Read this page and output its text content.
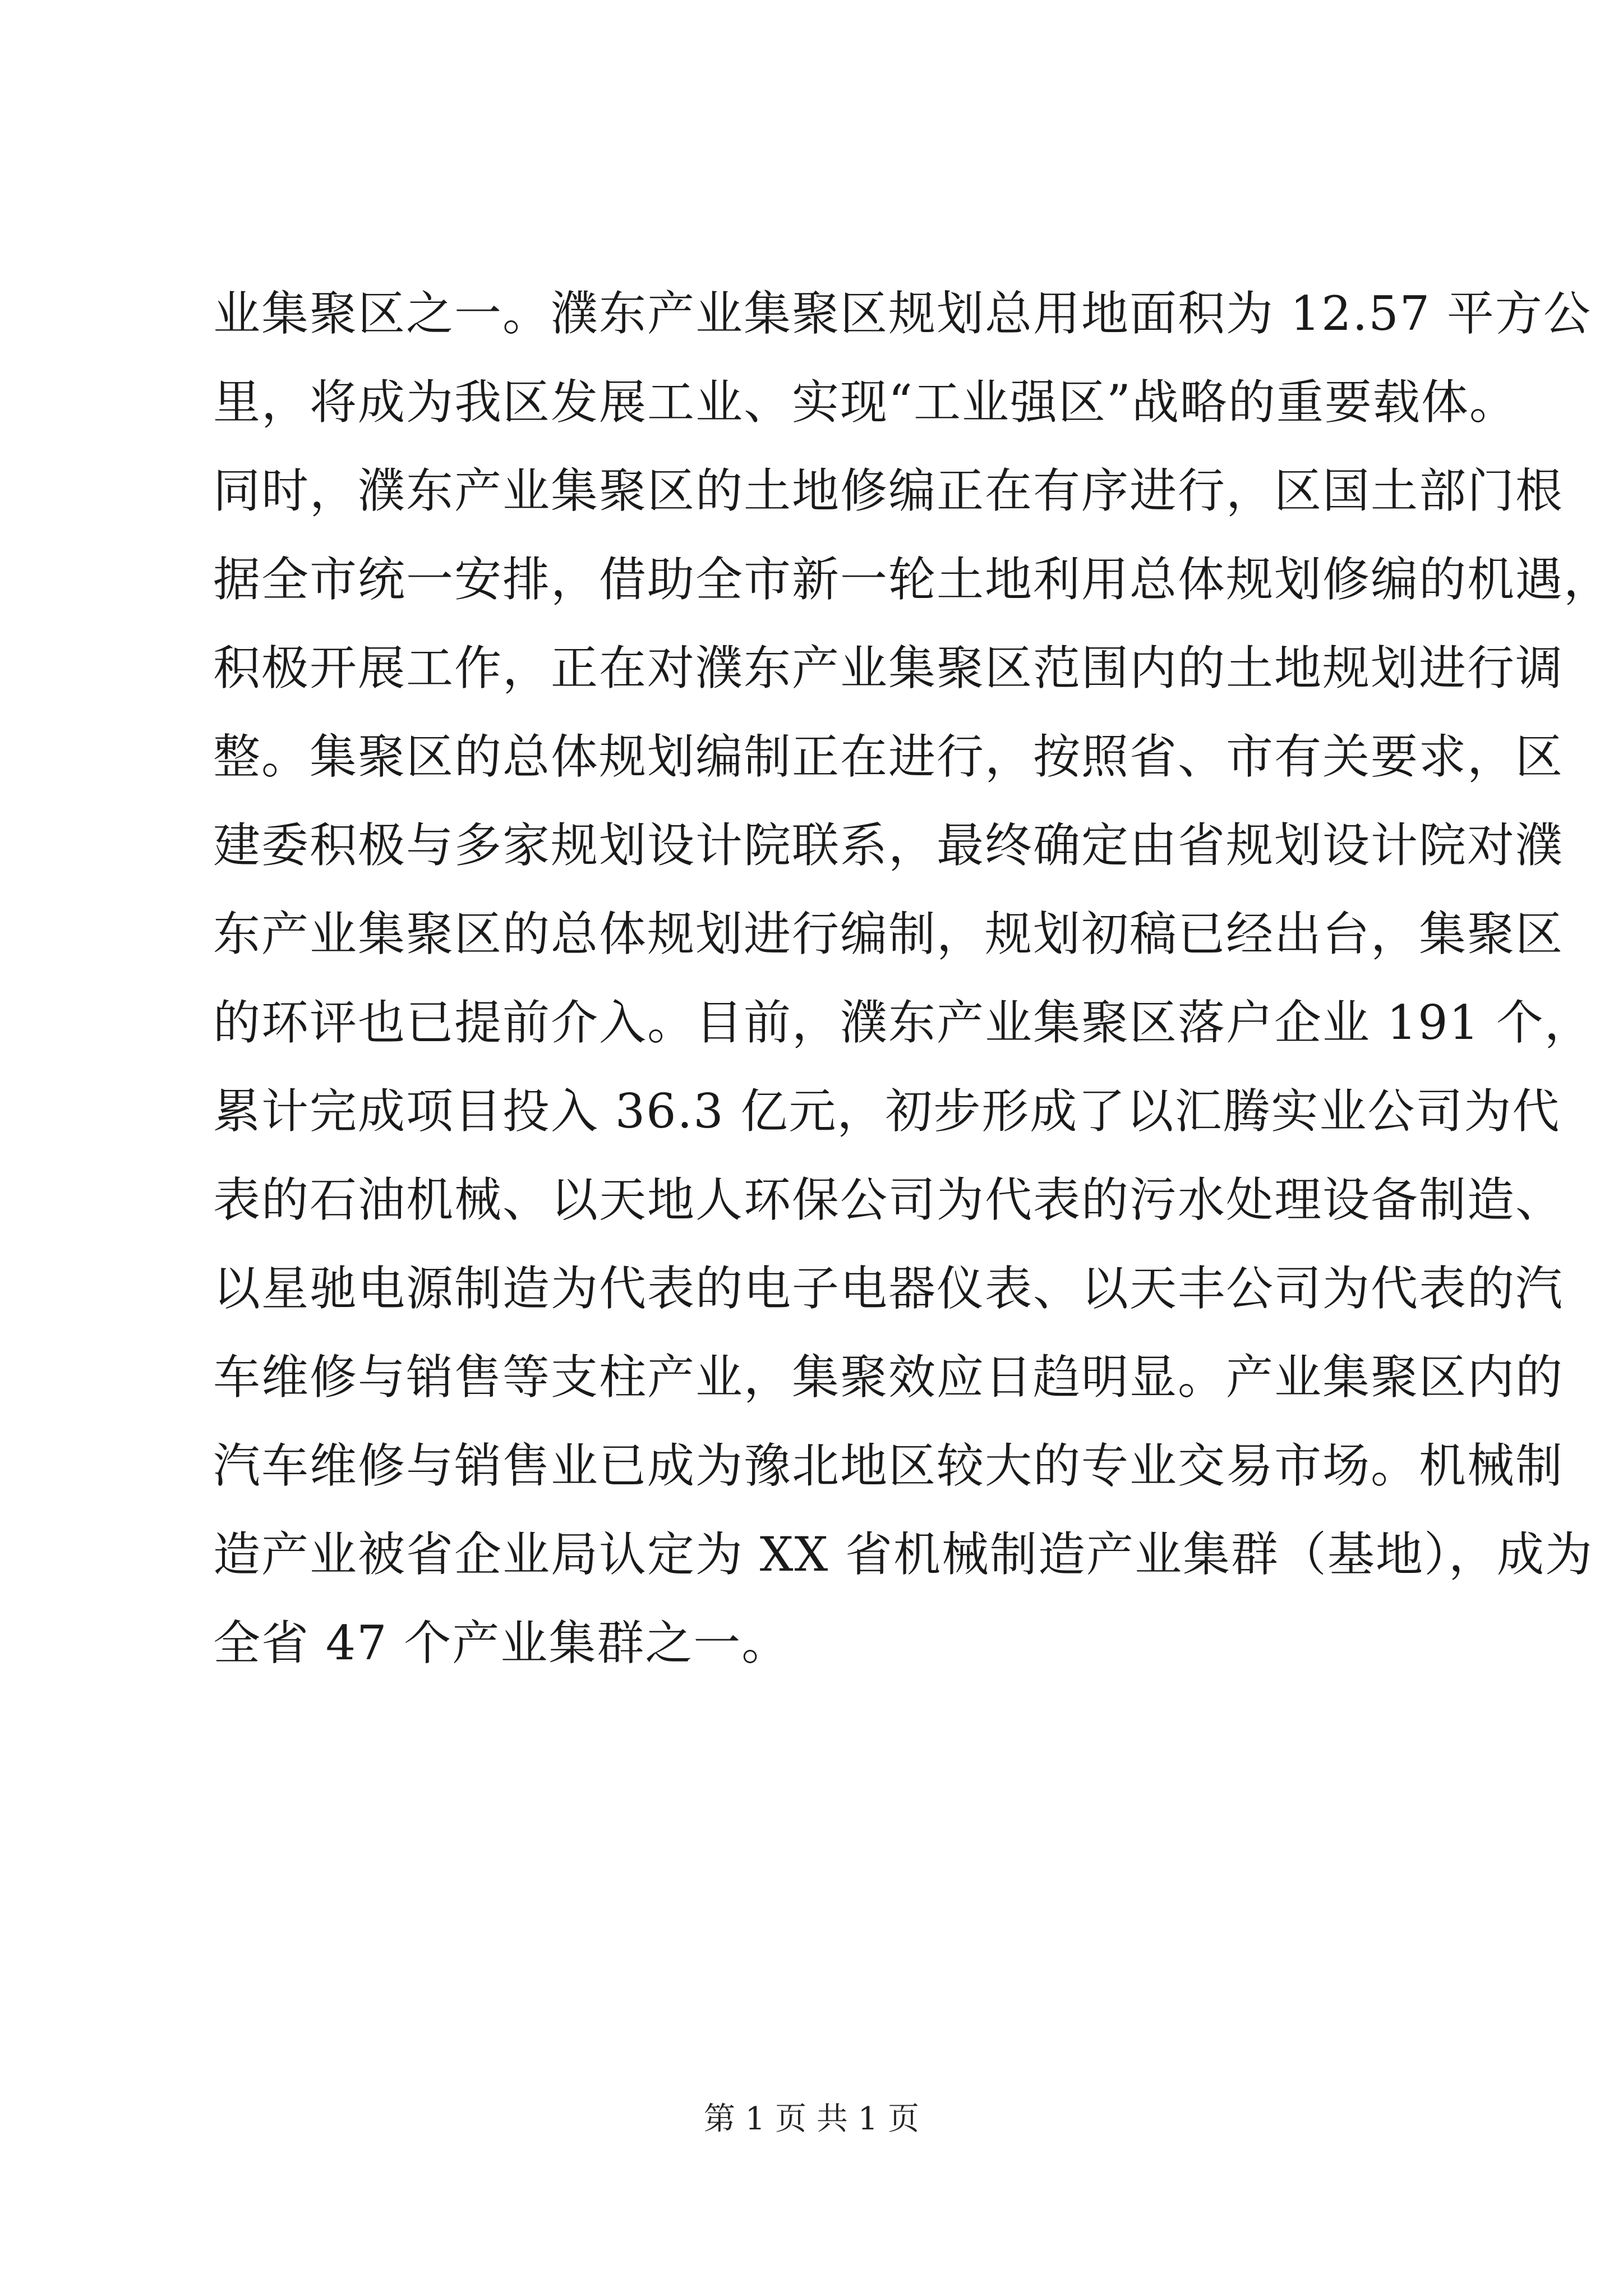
业集聚区之一。濮东产业集聚区规划总用地面积为 12.57 平方公
里，将成为我区发展工业、实现“工业强区”战略的重要载体。
同时，濮东产业集聚区的土地修编正在有序进行，区国土部门根
据全市统一安排，借助全市新一轮土地利用总体规划修编的机遇，
积极开展工作，正在对濮东产业集聚区范围内的土地规划进行调
整。集聚区的总体规划编制正在进行，按照省、市有关要求，区
建委积极与多家规划设计院联系，最终确定由省规划设计院对濮
东产业集聚区的总体规划进行编制，规划初稿已经出台，集聚区
的环评也已提前介入。目前，濮东产业集聚区落户企业 191 个，
累计完成项目投入 36.3 亿元，初步形成了以汇腾实业公司为代
表的石油机械、以天地人环保公司为代表的污水处理设备制造、
以星驰电源制造为代表的电子电器仪表、以天丰公司为代表的汽
车维修与销售等支柱产业，集聚效应日趋明显。产业集聚区内的
汽车维修与销售业已成为豫北地区较大的专业交易市场。机械制
造产业被省企业局认定为 XX 省机械制造产业集群（基地），成为
全省 47 个产业集群之一。
第 1 页 共 1 页
